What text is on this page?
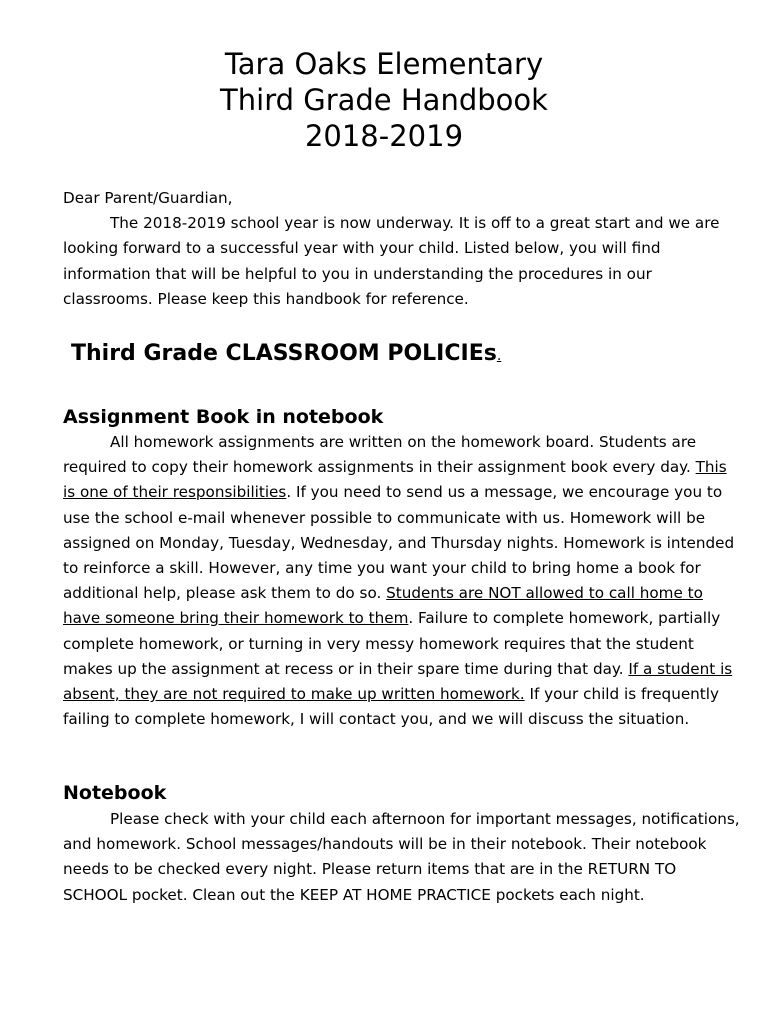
Tara Oaks Elementary
Third Grade Handbook
2018-2019

Dear Parent/Guardian,

The 2018-2019 school year is now underway. It is off to a great start and we are looking forward to a successful year with your child. Listed below, you will find information that will be helpful to you in understanding the procedures in our classrooms. Please keep this handbook for reference.

Third Grade CLASSROOM POLICIEs.
Assignment Book in notebook

All homework assignments are written on the homework board. Students are required to copy their homework assignments in their assignment book every day. This is one of their responsibilities. If you need to send us a message, we encourage you to use the school e-mail whenever possible to communicate with us. Homework will be assigned on Monday, Tuesday, Wednesday, and Thursday nights. Homework is intended to reinforce a skill. However, any time you want your child to bring home a book for additional help, please ask them to do so. Students are NOT allowed to call home to have someone bring their homework to them. Failure to complete homework, partially complete homework, or turning in very messy homework requires that the student makes up the assignment at recess or in their spare time during that day. If a student is absent, they are not required to make up written homework. If your child is frequently failing to complete homework, I will contact you, and we will discuss the situation.

Notebook

Please check with your child each afternoon for important messages, notifications, and homework. School messages/handouts will be in their notebook. Their notebook needs to be checked every night. Please return items that are in the RETURN TO SCHOOL pocket. Clean out the KEEP AT HOME PRACTICE pockets each night.
